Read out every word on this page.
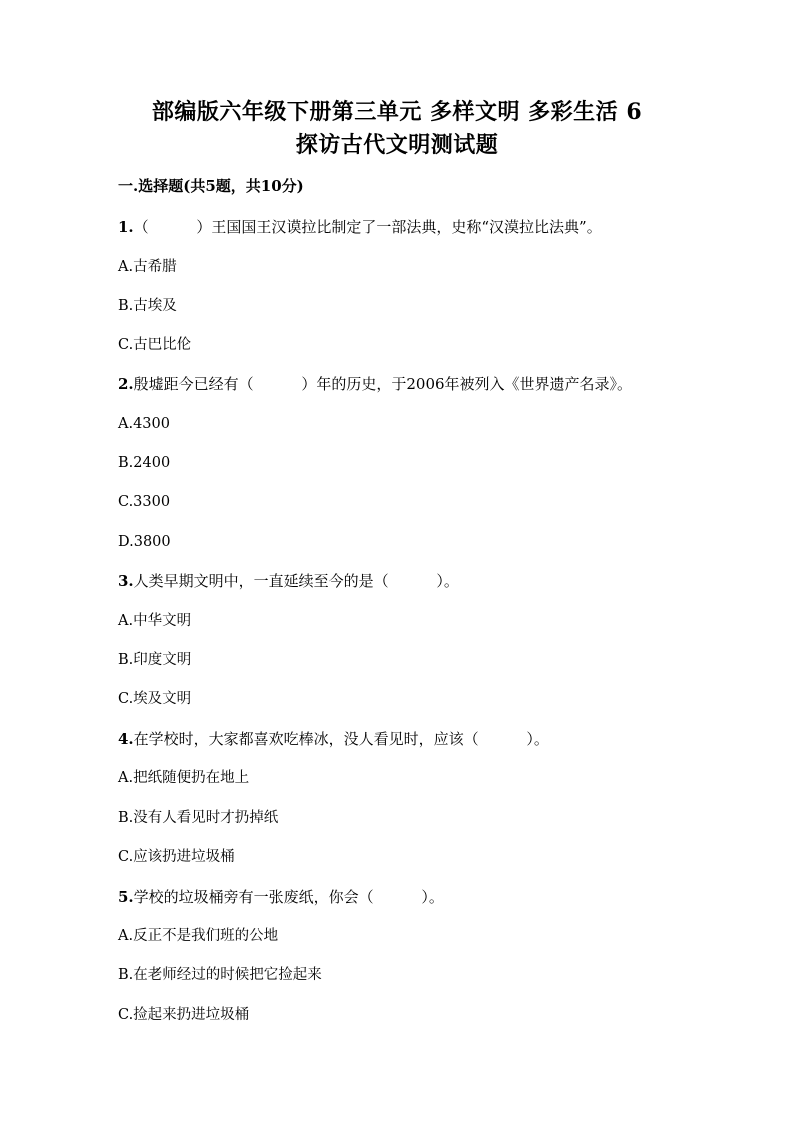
部编版六年级下册第三单元 多样文明 多彩生活 6
探访古代文明测试题
一.选择题(共5题，共10分)
1.（          ）王国国王汉谟拉比制定了一部法典，史称“汉漠拉比法典”。
A.古希腊
B.古埃及
C.古巴比伦
2.殷墟距今已经有（          ）年的历史，于2006年被列入《世界遗产名录》。
A.4300
B.2400
C.3300
D.3800
3.人类早期文明中，一直延续至今的是（          ）。
A.中华文明
B.印度文明
C.埃及文明
4.在学校时，大家都喜欢吃棒冰，没人看见时，应该（          ）。
A.把纸随便扔在地上
B.没有人看见时才扔掉纸
C.应该扔进垃圾桶
5.学校的垃圾桶旁有一张废纸，你会（          ）。
A.反正不是我们班的公地
B.在老师经过的时候把它捡起来
C.捡起来扔进垃圾桶
